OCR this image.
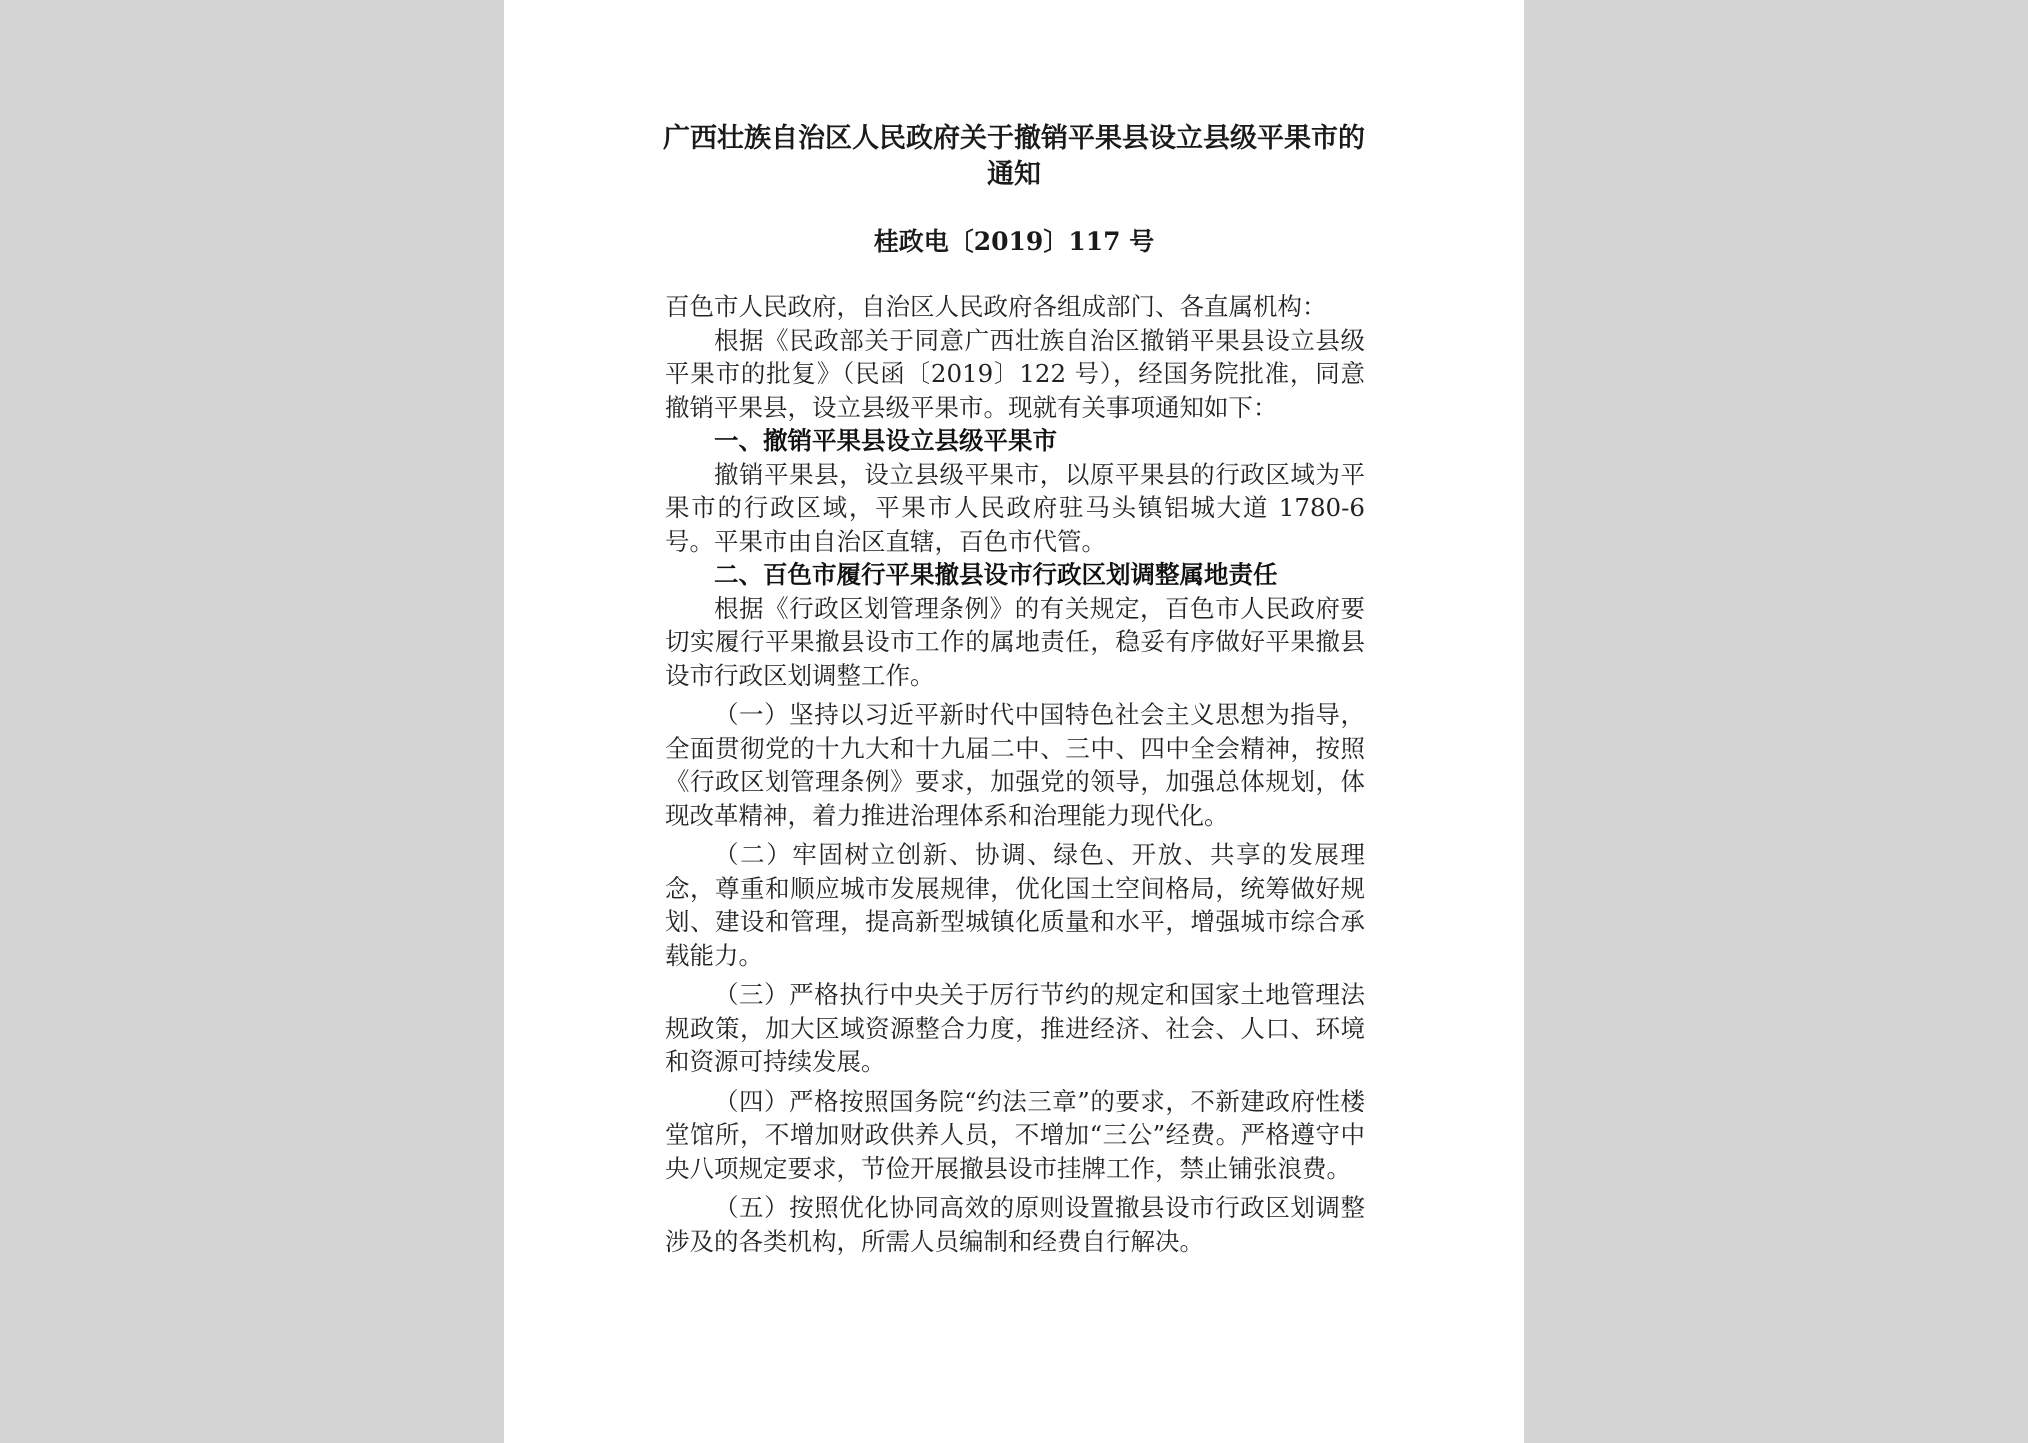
广西壮族自治区人民政府关于撤销平果县设立县级平果市的
通知
桂政电〔2019〕117 号

百色市人民政府，自治区人民政府各组成部门、各直属机构：

根据《民政部关于同意广西壮族自治区撤销平果县设立县级平果市的批复》（民函〔2019〕122 号），经国务院批准，同意撤销平果县，设立县级平果市。现就有关事项通知如下：

一、撤销平果县设立县级平果市

撤销平果县，设立县级平果市，以原平果县的行政区域为平果市的行政区域，平果市人民政府驻马头镇铝城大道 1780-6 号。平果市由自治区直辖，百色市代管。

二、百色市履行平果撤县设市行政区划调整属地责任

根据《行政区划管理条例》的有关规定，百色市人民政府要切实履行平果撤县设市工作的属地责任，稳妥有序做好平果撤县设市行政区划调整工作。

（一）坚持以习近平新时代中国特色社会主义思想为指导，全面贯彻党的十九大和十九届二中、三中、四中全会精神，按照《行政区划管理条例》要求，加强党的领导，加强总体规划，体现改革精神，着力推进治理体系和治理能力现代化。

（二）牢固树立创新、协调、绿色、开放、共享的发展理念，尊重和顺应城市发展规律，优化国土空间格局，统筹做好规划、建设和管理，提高新型城镇化质量和水平，增强城市综合承载能力。

（三）严格执行中央关于厉行节约的规定和国家土地管理法规政策，加大区域资源整合力度，推进经济、社会、人口、环境和资源可持续发展。

（四）严格按照国务院“约法三章”的要求，不新建政府性楼堂馆所，不增加财政供养人员，不增加“三公”经费。严格遵守中央八项规定要求，节俭开展撤县设市挂牌工作，禁止铺张浪费。

（五）按照优化协同高效的原则设置撤县设市行政区划调整涉及的各类机构，所需人员编制和经费自行解决。
